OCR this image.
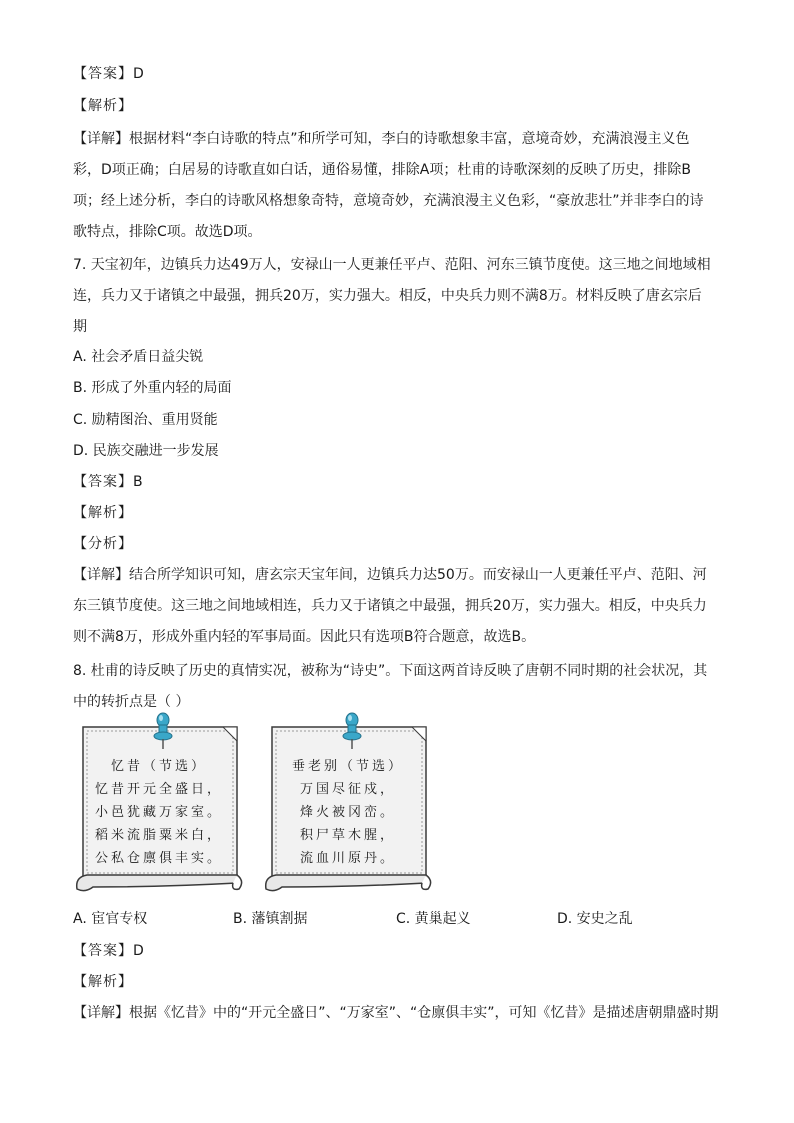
【答案】D
【解析】
【详解】根据材料“李白诗歌的特点”和所学可知，李白的诗歌想象丰富，意境奇妙，充满浪漫主义色
彩，D项正确；白居易的诗歌直如白话，通俗易懂，排除A项；杜甫的诗歌深刻的反映了历史，排除B
项；经上述分析，李白的诗歌风格想象奇特，意境奇妙，充满浪漫主义色彩，“豪放悲壮”并非李白的诗
歌特点，排除C项。故选D项。
7. 天宝初年，边镇兵力达49万人，安禄山一人更兼任平卢、范阳、河东三镇节度使。这三地之间地域相
连，兵力又于诸镇之中最强，拥兵20万，实力强大。相反，中央兵力则不满8万。材料反映了唐玄宗后
期
A. 社会矛盾日益尖锐
B. 形成了外重内轻的局面
C. 励精图治、重用贤能
D. 民族交融进一步发展
【答案】B
【解析】
【分析】
【详解】结合所学知识可知，唐玄宗天宝年间，边镇兵力达50万。而安禄山一人更兼任平卢、范阳、河
东三镇节度使。这三地之间地域相连，兵力又于诸镇之中最强，拥兵20万，实力强大。相反，中央兵力
则不满8万，形成外重内轻的军事局面。因此只有选项B符合题意，故选B。
8. 杜甫的诗反映了历史的真情实况，被称为“诗史”。下面这两首诗反映了唐朝不同时期的社会状况，其
中的转折点是（ ）
忆昔（节选）
忆昔开元全盛日，
小邑犹藏万家室。
稻米流脂粟米白，
公私仓廪俱丰实。
垂老别（节选）
万国尽征戍，
烽火被冈峦。
积尸草木腥，
流血川原丹。
A. 宦官专权	B. 藩镇割据	C. 黄巢起义	D. 安史之乱
【答案】D
【解析】
【详解】根据《忆昔》中的“开元全盛日”、“万家室”、“仓廪俱丰实”，可知《忆昔》是描述唐朝鼎盛时期
